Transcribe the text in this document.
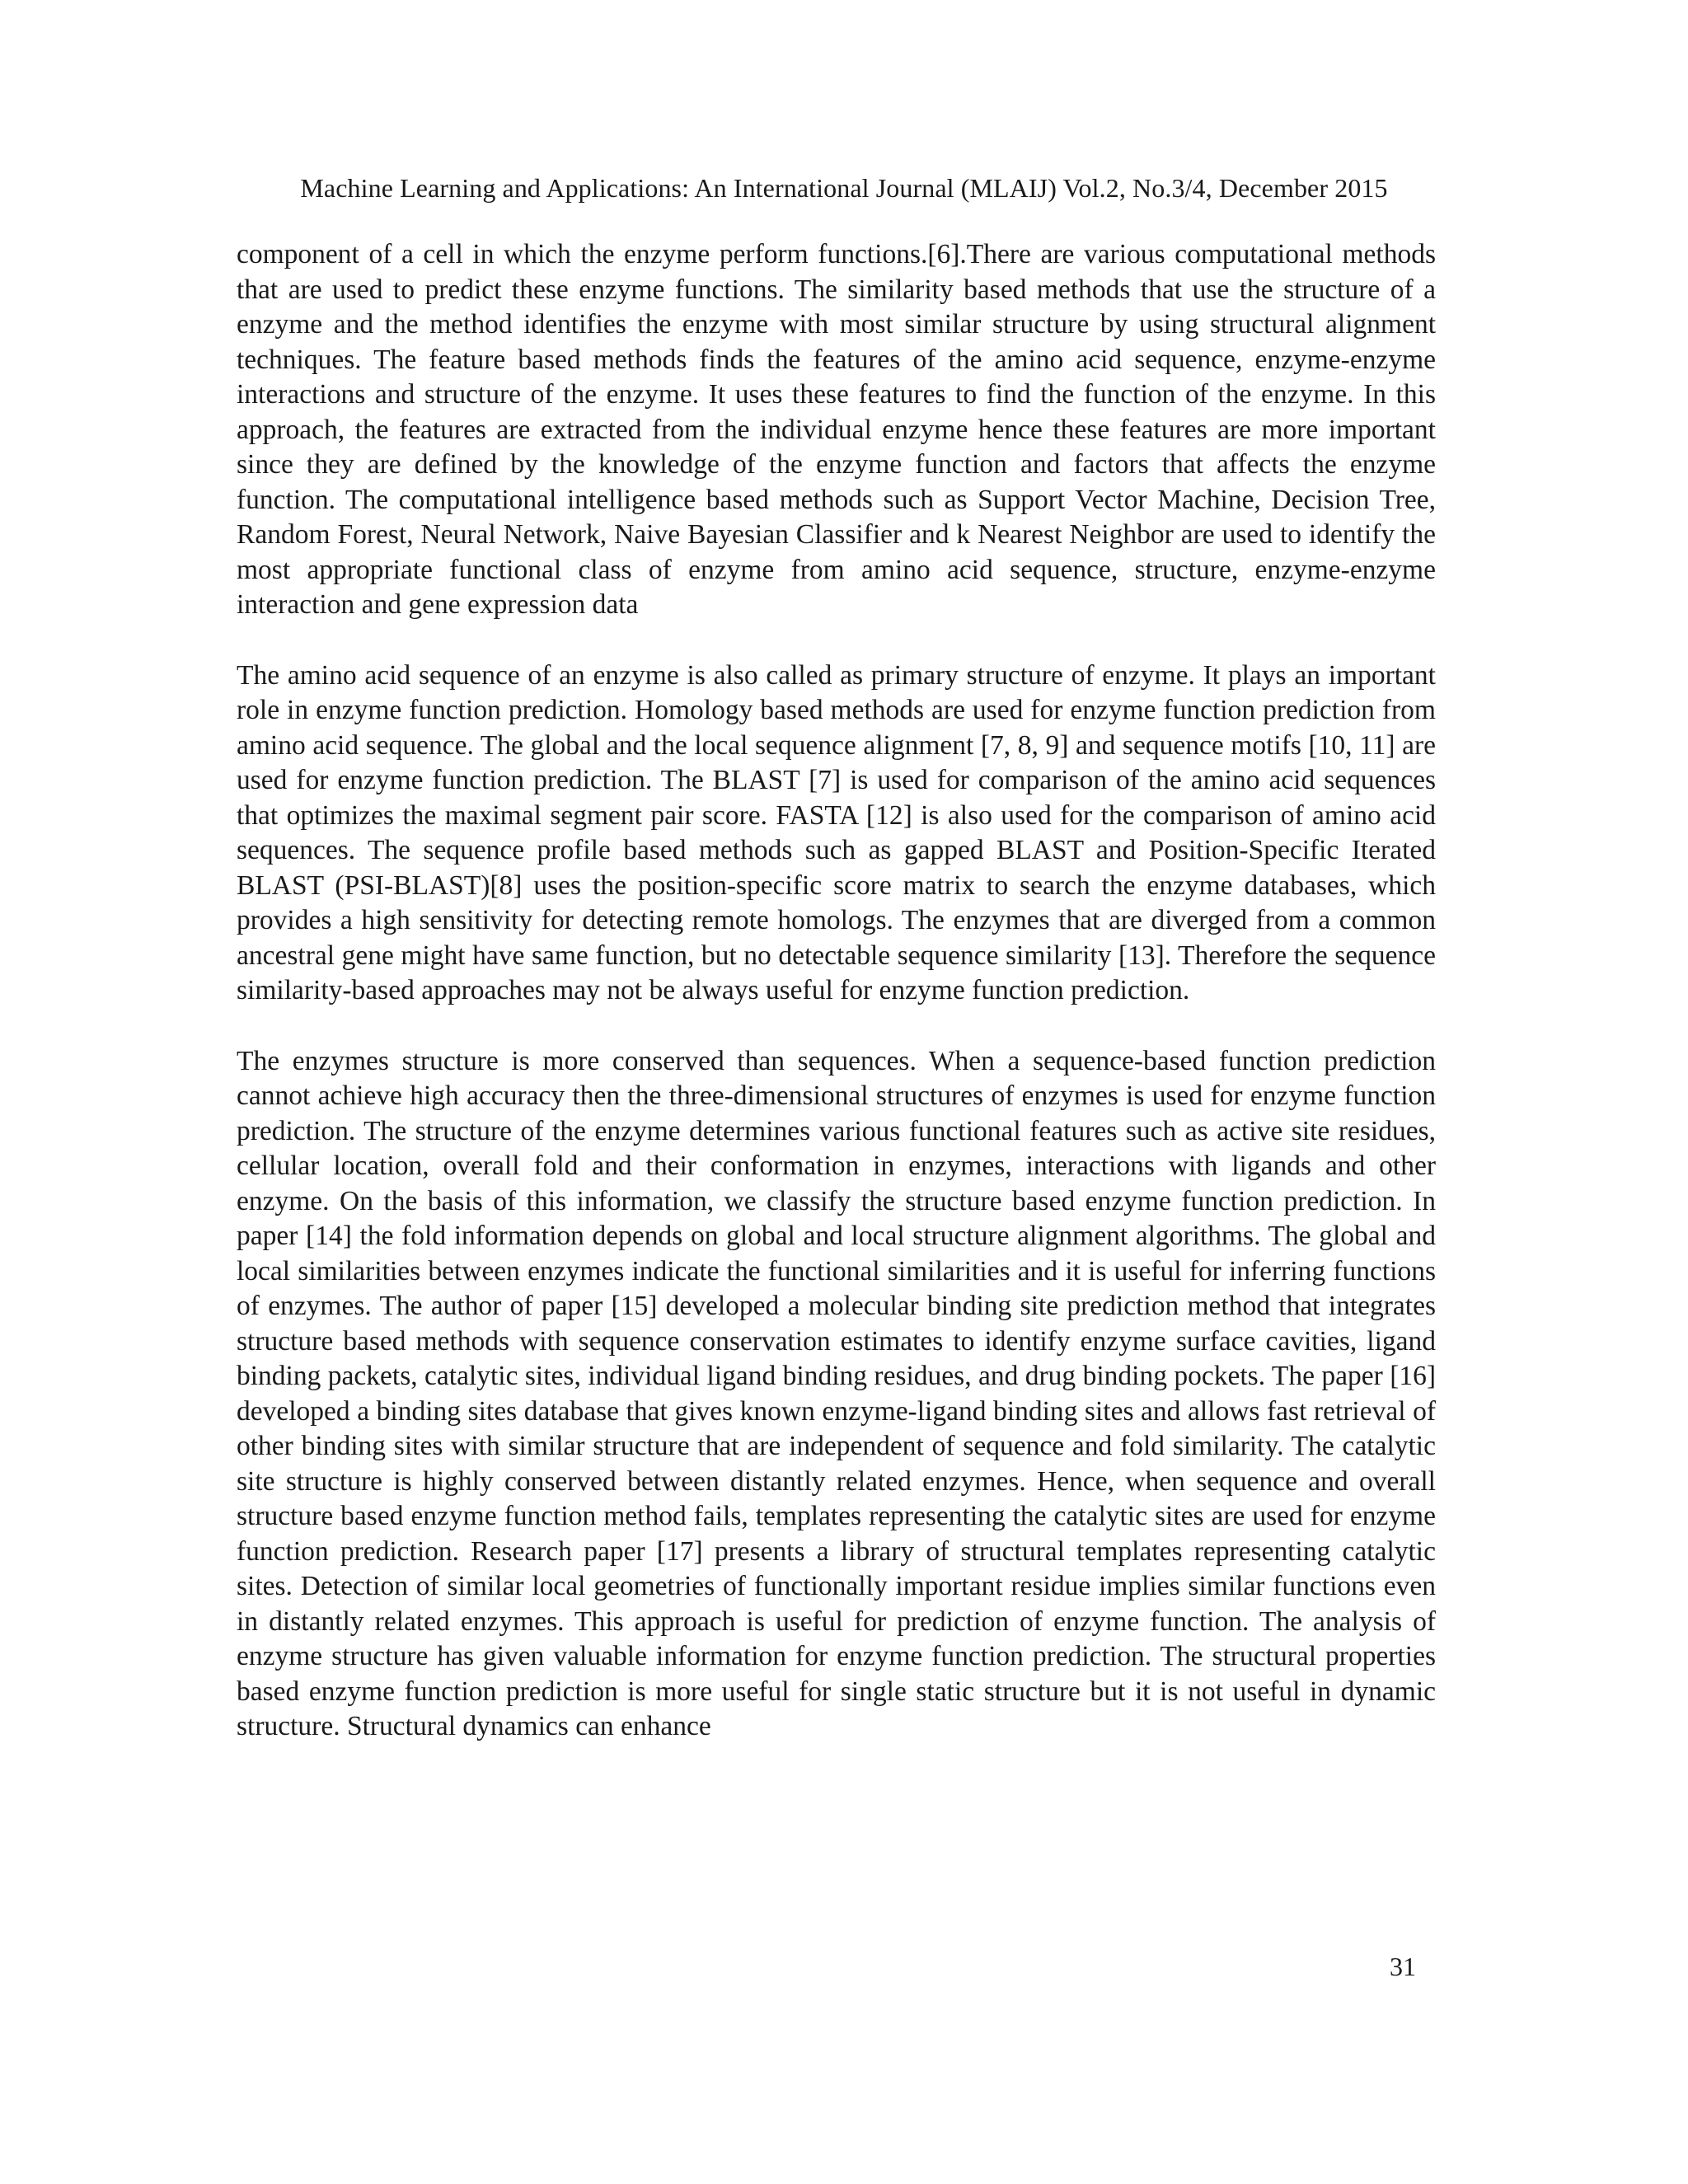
Machine Learning and Applications: An International Journal (MLAIJ) Vol.2, No.3/4, December 2015

component of a cell in which the enzyme perform functions.[6].There are various computational methods that are used to predict these enzyme functions. The similarity based methods that use the structure of a enzyme and the method identifies the enzyme with most similar structure by using structural alignment techniques. The feature based methods finds the features of the amino acid sequence, enzyme-enzyme interactions and structure of the enzyme. It uses these features to find the function of the enzyme. In this approach, the features are extracted from the individual enzyme hence these features are more important since they are defined by the knowledge of the enzyme function and factors that affects the enzyme function. The computational intelligence based methods such as Support Vector Machine, Decision Tree, Random Forest, Neural Network, Naive Bayesian Classifier and k Nearest Neighbor are used to identify the most appropriate functional class of enzyme from amino acid sequence, structure, enzyme-enzyme interaction and gene expression data

The amino acid sequence of an enzyme is also called as primary structure of enzyme. It plays an important role in enzyme function prediction. Homology based methods are used for enzyme function prediction from amino acid sequence. The global and the local sequence alignment [7, 8, 9] and sequence motifs [10, 11] are used for enzyme function prediction. The BLAST [7] is used for comparison of the amino acid sequences that optimizes the maximal segment pair score. FASTA [12] is also used for the comparison of amino acid sequences. The sequence profile based methods such as gapped BLAST and Position-Specific Iterated BLAST (PSI-BLAST)[8] uses the position-specific score matrix to search the enzyme databases, which provides a high sensitivity for detecting remote homologs. The enzymes that are diverged from a common ancestral gene might have same function, but no detectable sequence similarity [13]. Therefore the sequence similarity-based approaches may not be always useful for enzyme function prediction.

The enzymes structure is more conserved than sequences. When a sequence-based function prediction cannot achieve high accuracy then the three-dimensional structures of enzymes is used for enzyme function prediction. The structure of the enzyme determines various functional features such as active site residues, cellular location, overall fold and their conformation in enzymes, interactions with ligands and other enzyme. On the basis of this information, we classify the structure based enzyme function prediction. In paper [14] the fold information depends on global and local structure alignment algorithms. The global and local similarities between enzymes indicate the functional similarities and it is useful for inferring functions of enzymes. The author of paper [15] developed a molecular binding site prediction method that integrates structure based methods with sequence conservation estimates to identify enzyme surface cavities, ligand binding packets, catalytic sites, individual ligand binding residues, and drug binding pockets. The paper [16] developed a binding sites database that gives known enzyme-ligand binding sites and allows fast retrieval of other binding sites with similar structure that are independent of sequence and fold similarity. The catalytic site structure is highly conserved between distantly related enzymes. Hence, when sequence and overall structure based enzyme function method fails, templates representing the catalytic sites are used for enzyme function prediction. Research paper [17] presents a library of structural templates representing catalytic sites. Detection of similar local geometries of functionally important residue implies similar functions even in distantly related enzymes. This approach is useful for prediction of enzyme function. The analysis of enzyme structure has given valuable information for enzyme function prediction. The structural properties based enzyme function prediction is more useful for single static structure but it is not useful in dynamic structure. Structural dynamics can enhance

31
